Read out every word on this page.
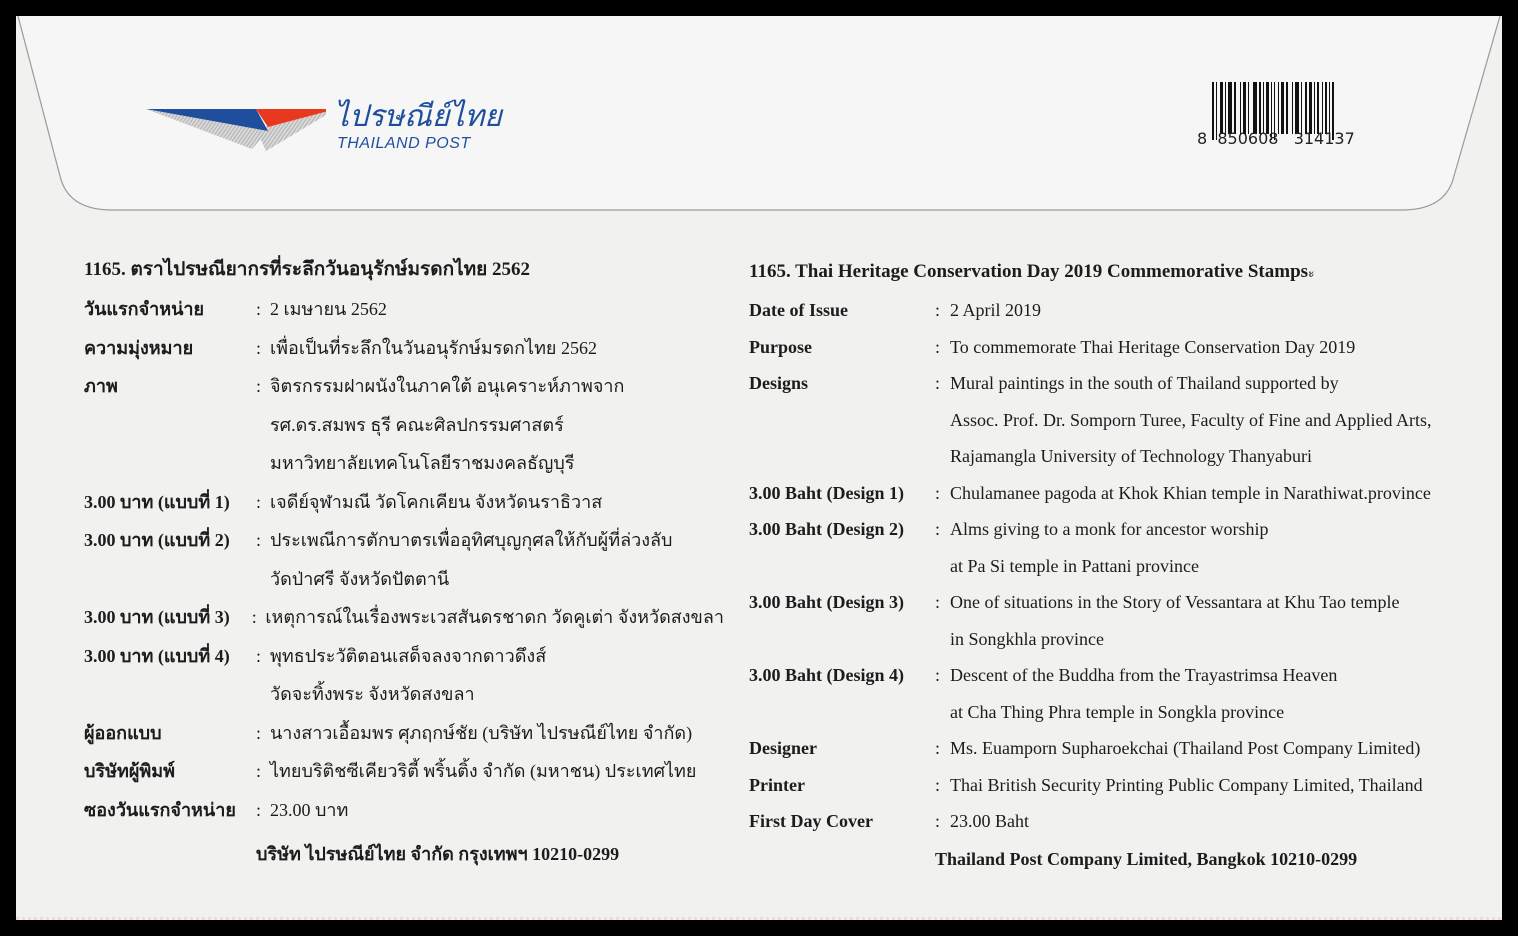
ไปรษณีย์ไทย
THAILAND POST	8  850608   314137
1165. ตราไปรษณียากรที่ระลึกวันอนุรักษ์มรดกไทย 2562
วันแรกจำหน่าย	: 2 เมษายน 2562
ความมุ่งหมาย	: เพื่อเป็นที่ระลึกในวันอนุรักษ์มรดกไทย 2562
ภาพ	: จิตรกรรมฝาผนังในภาคใต้ อนุเคราะห์ภาพจาก
รศ.ดร.สมพร ธุรี คณะศิลปกรรมศาสตร์
มหาวิทยาลัยเทคโนโลยีราชมงคลธัญบุรี
3.00 บาท (แบบที่ 1)	: เจดีย์จุฬามณี วัดโคกเคียน จังหวัดนราธิวาส
3.00 บาท (แบบที่ 2)	: ประเพณีการตักบาตรเพื่ออุทิศบุญกุศลให้กับผู้ที่ล่วงลับ
วัดป่าศรี จังหวัดปัตตานี
3.00 บาท (แบบที่ 3)	: เหตุการณ์ในเรื่องพระเวสสันดรชาดก วัดคูเต่า จังหวัดสงขลา
3.00 บาท (แบบที่ 4)	: พุทธประวัติตอนเสด็จลงจากดาวดึงส์
วัดจะทิ้งพระ จังหวัดสงขลา
ผู้ออกแบบ	: นางสาวเอื้อมพร ศุภฤกษ์ชัย (บริษัท ไปรษณีย์ไทย จำกัด)
บริษัทผู้พิมพ์	: ไทยบริติชซีเคียวริตี้ พริ้นติ้ง จำกัด (มหาชน) ประเทศไทย
ซองวันแรกจำหน่าย	: 23.00 บาท
บริษัท ไปรษณีย์ไทย จำกัด กรุงเทพฯ 10210-0299
1165. Thai Heritage Conservation Day 2019 Commemorative Stampsะ
Date of Issue	: 2 April 2019
Purpose	: To commemorate Thai Heritage Conservation Day 2019
Designs	: Mural paintings in the south of Thailand supported by
Assoc. Prof. Dr. Somporn Turee, Faculty of Fine and Applied Arts,
Rajamangla University of Technology Thanyaburi
3.00 Baht (Design 1)	: Chulamanee pagoda at Khok Khian temple in Narathiwat.province
3.00 Baht (Design 2)	: Alms giving to a monk for ancestor worship
at Pa Si temple in Pattani province
3.00 Baht (Design 3)	: One of situations in the Story of Vessantara at Khu Tao temple
in Songkhla province
3.00 Baht (Design 4)	: Descent of the Buddha from the Trayastrimsa Heaven
at Cha Thing Phra temple in Songkla province
Designer	: Ms. Euamporn Supharoekchai (Thailand Post Company Limited)
Printer	: Thai British Security Printing Public Company Limited, Thailand
First Day Cover	: 23.00 Baht
Thailand Post Company Limited, Bangkok 10210-0299
